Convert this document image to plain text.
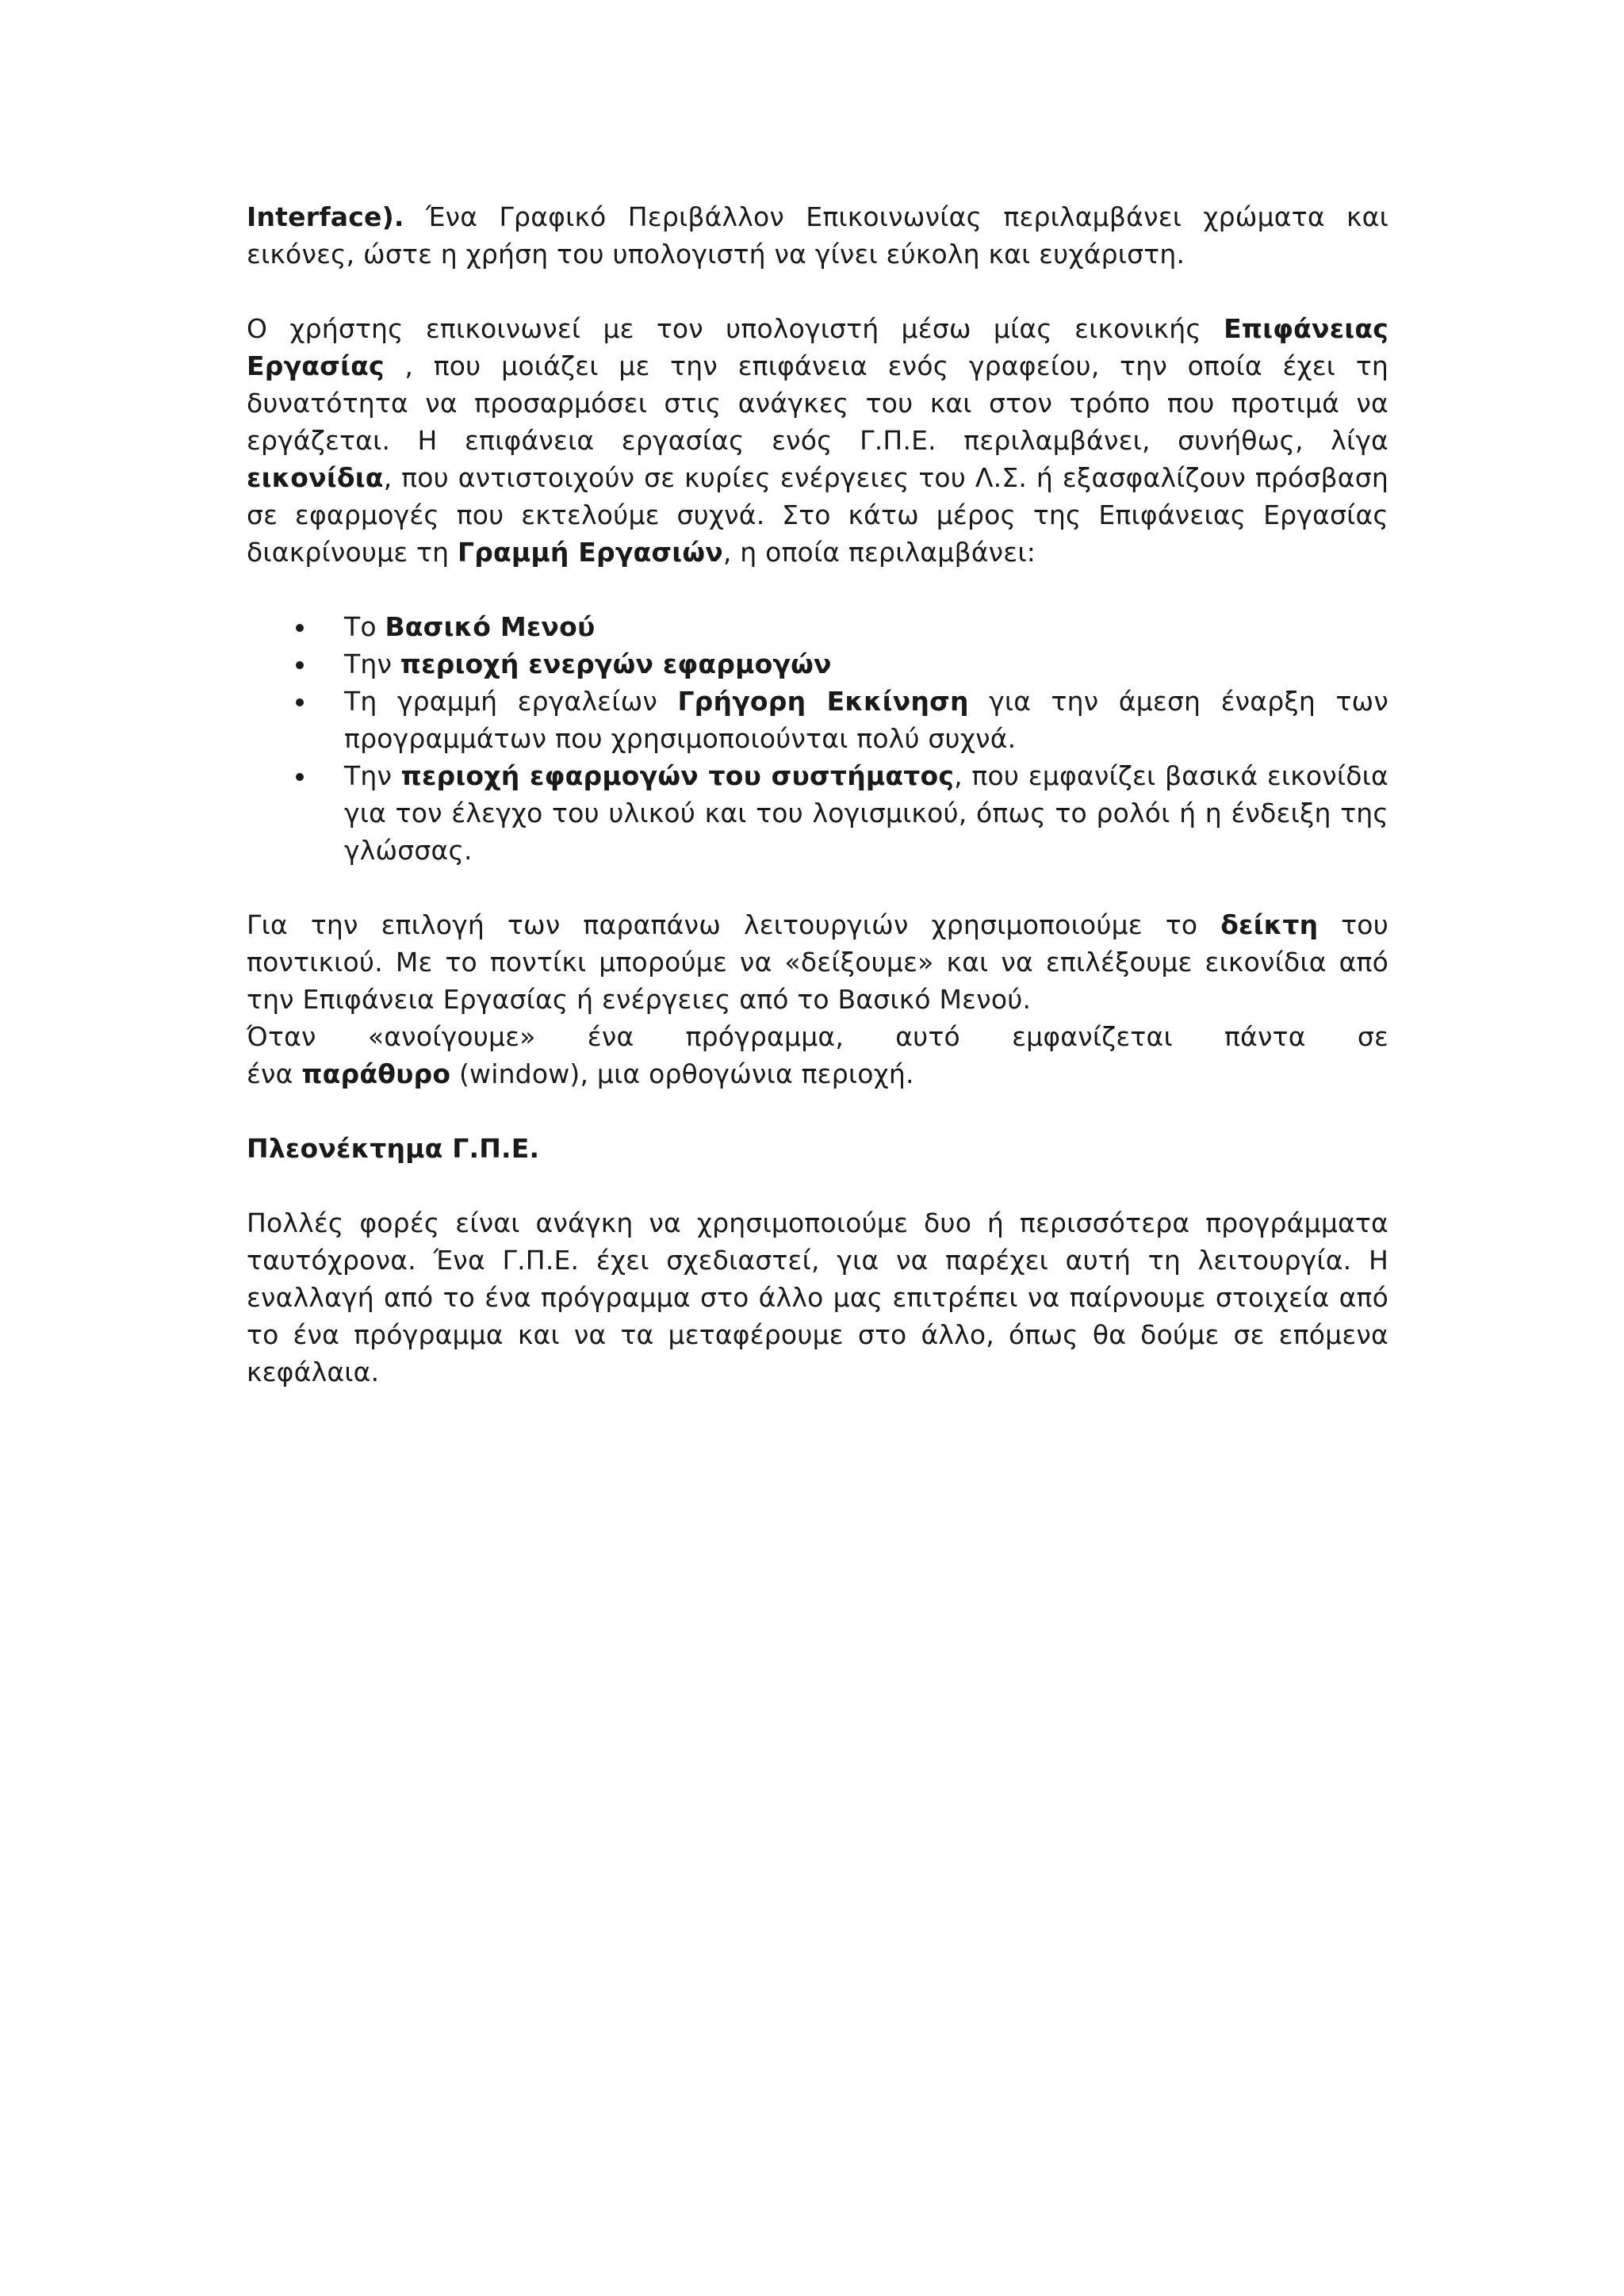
Interface). Ένα Γραφικό Περιβάλλον Επικοινωνίας περιλαμβάνει χρώματα και εικόνες, ώστε η χρήση του υπολογιστή να γίνει εύκολη και ευχάριστη.

Ο χρήστης επικοινωνεί με τον υπολογιστή μέσω μίας εικονικής Επιφάνειας Εργασίας , που μοιάζει με την επιφάνεια ενός γραφείου, την οποία έχει τη δυνατότητα να προσαρμόσει στις ανάγκες του και στον τρόπο που προτιμά να εργάζεται. Η επιφάνεια εργασίας ενός Γ.Π.Ε. περιλαμβάνει, συνήθως, λίγα εικονίδια, που αντιστοιχούν σε κυρίες ενέργειες του Λ.Σ. ή εξασφαλίζουν πρόσβαση σε εφαρμογές που εκτελούμε συχνά. Στο κάτω μέρος της Επιφάνειας Εργασίας διακρίνουμε τη Γραμμή Εργασιών, η οποία περιλαμβάνει:

Το Βασικό Μενού
Την περιοχή ενεργών εφαρμογών
Τη γραμμή εργαλείων Γρήγορη Εκκίνηση για την άμεση έναρξη των προγραμμάτων που χρησιμοποιούνται πολύ συχνά.
Την περιοχή εφαρμογών του συστήματος, που εμφανίζει βασικά εικονίδια για τον έλεγχο του υλικού και του λογισμικού, όπως το ρολόι ή η ένδειξη της γλώσσας.

Για την επιλογή των παραπάνω λειτουργιών χρησιμοποιούμε το δείκτη του ποντικιού. Με το ποντίκι μπορούμε να «δείξουμε» και να επιλέξουμε εικονίδια από την Επιφάνεια Εργασίας ή ενέργειες από το Βασικό Μενού.

Όταν «ανοίγουμε» ένα πρόγραμμα, αυτό εμφανίζεται πάντα σε

ένα παράθυρο (window), μια ορθογώνια περιοχή.

Πλεονέκτημα Γ.Π.Ε.

Πολλές φορές είναι ανάγκη να χρησιμοποιούμε δυο ή περισσότερα προγράμματα ταυτόχρονα. Ένα Γ.Π.Ε. έχει σχεδιαστεί, για να παρέχει αυτή τη λειτουργία. Η εναλλαγή από το ένα πρόγραμμα στο άλλο μας επιτρέπει να παίρνουμε στοιχεία από το ένα πρόγραμμα και να τα μεταφέρουμε στο άλλο, όπως θα δούμε σε επόμενα κεφάλαια.
